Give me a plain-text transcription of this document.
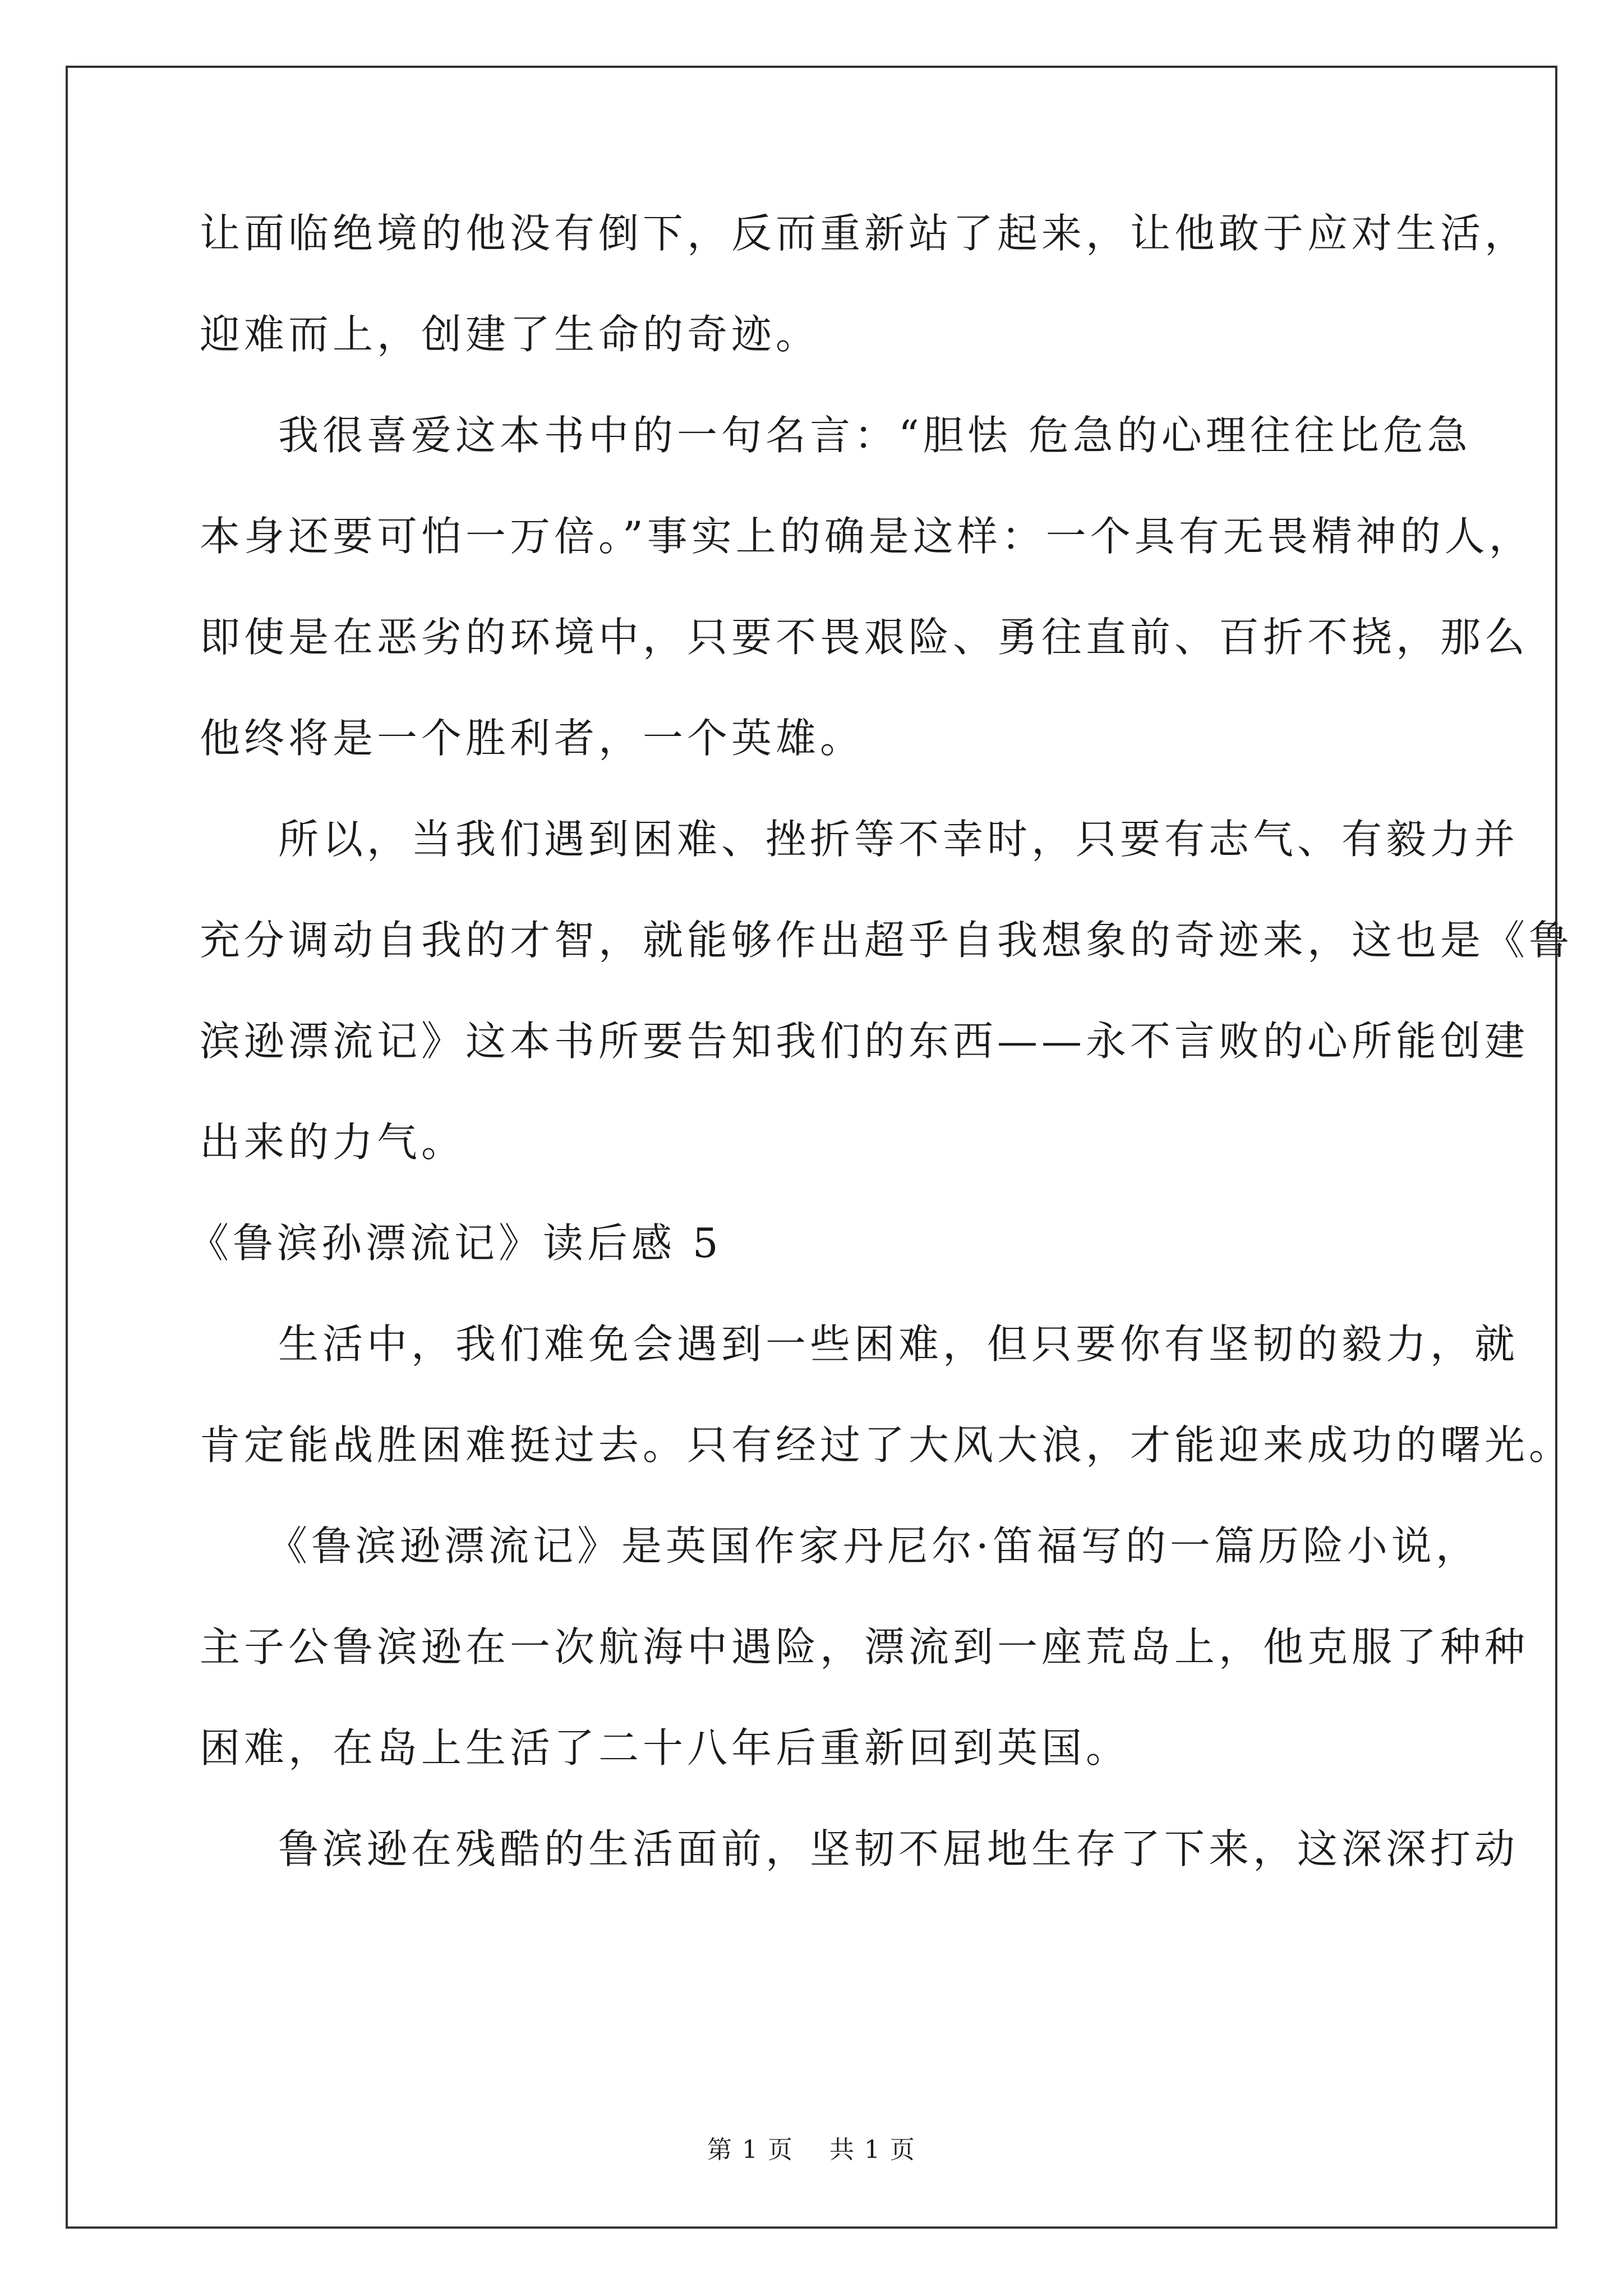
让面临绝境的他没有倒下，反而重新站了起来，让他敢于应对生活，
迎难而上，创建了生命的奇迹。
我很喜爱这本书中的一句名言：“胆怯 危急的心理往往比危急
本身还要可怕一万倍。”事实上的确是这样：一个具有无畏精神的人，
即使是在恶劣的环境中，只要不畏艰险、勇往直前、百折不挠，那么
他终将是一个胜利者，一个英雄。
所以，当我们遇到困难、挫折等不幸时，只要有志气、有毅力并
充分调动自我的才智，就能够作出超乎自我想象的奇迹来，这也是《鲁
滨逊漂流记》这本书所要告知我们的东西——永不言败的心所能创建
出来的力气。
《鲁滨孙漂流记》读后感 5
生活中，我们难免会遇到一些困难，但只要你有坚韧的毅力，就
肯定能战胜困难挺过去。只有经过了大风大浪，才能迎来成功的曙光。
《鲁滨逊漂流记》是英国作家丹尼尔·笛福写的一篇历险小说，
主子公鲁滨逊在一次航海中遇险，漂流到一座荒岛上，他克服了种种
困难，在岛上生活了二十八年后重新回到英国。
鲁滨逊在残酷的生活面前，坚韧不屈地生存了下来，这深深打动
第 1 页 共 1 页
